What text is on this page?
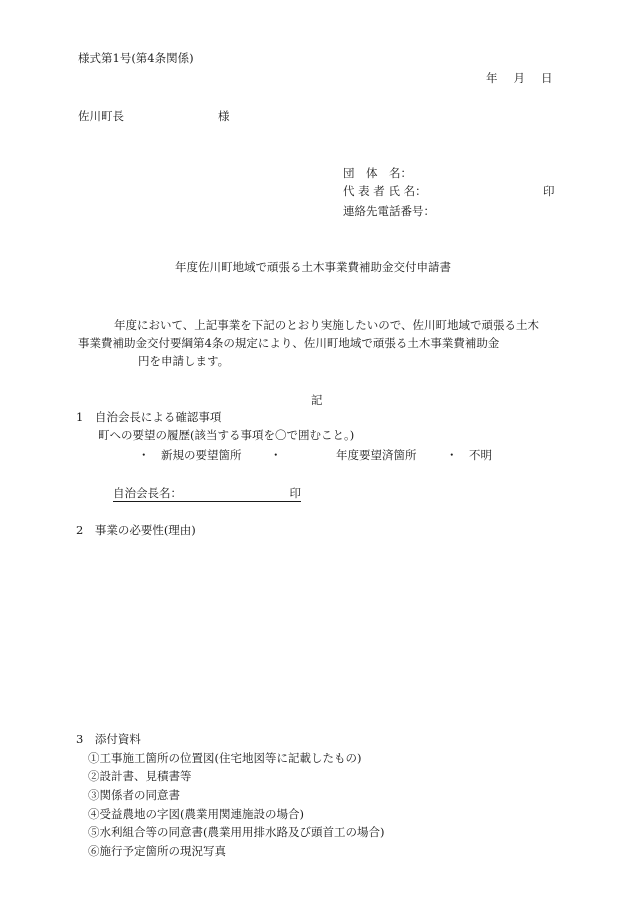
様式第1号(第4条関係)
年 月 日
佐川町長	様
団　体　名：
代 表 者 氏 名：	印
連絡先電話番号：
年度佐川町地域で頑張る土木事業費補助金交付申請書
年度において、上記事業を下記のとおり実施したいので、佐川町地域で頑張る土木
事業費補助金交付要綱第4条の規定により、佐川町地域で頑張る土木事業費補助金
円を申請します。
記
1　自治会長による確認事項
町への要望の履歴(該当する事項を〇で囲むこと。)
・　新規の要望箇所 ・	年度要望済箇所	・　不明
自治会長名：	印
2　事業の必要性(理由)
3　添付資料
①工事施工箇所の位置図(住宅地図等に記載したもの)
②設計書、見積書等
③関係者の同意書
④受益農地の字図(農業用関連施設の場合)
⑤水利組合等の同意書(農業用用排水路及び頭首工の場合)
⑥施行予定箇所の現況写真
